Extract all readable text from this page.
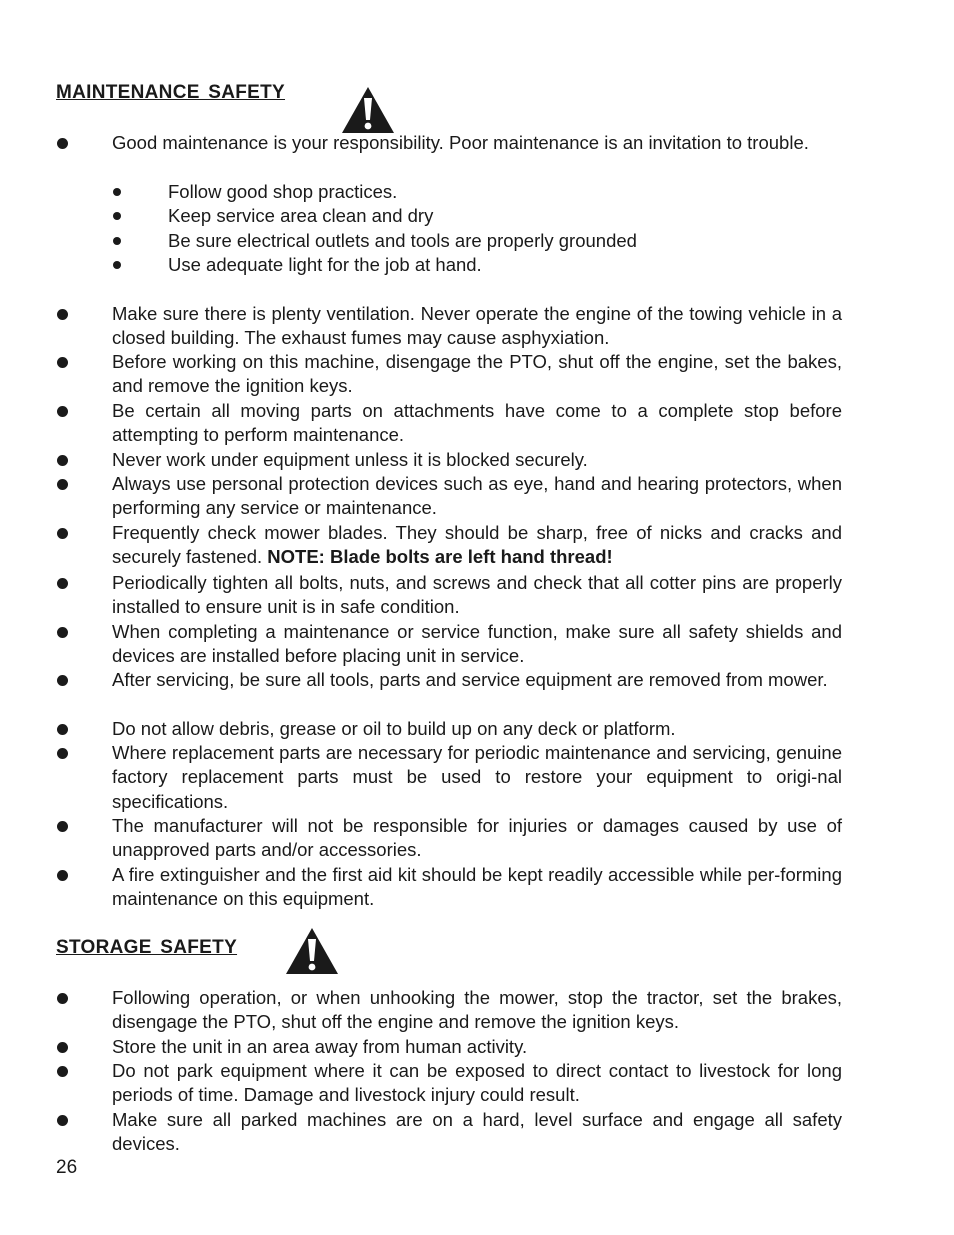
MAINTENANCE SAFETY
Good maintenance is your responsibility. Poor maintenance is an invitation to trouble.
Follow good shop practices.
Keep service area clean and dry
Be sure electrical outlets and tools are properly grounded
Use adequate light for the job at hand.
Make sure there is plenty ventilation. Never operate the engine of the towing vehicle in a closed building. The exhaust fumes may cause asphyxiation.
Before working on this machine, disengage the PTO, shut off the engine, set the bakes, and remove the ignition keys.
Be certain all moving parts on attachments have come to a complete stop before attempting to perform maintenance.
Never work under equipment unless it is blocked securely.
Always use personal protection devices such as eye, hand and hearing protectors, when performing any service or maintenance.
Frequently check mower blades. They should be sharp, free of nicks and cracks and securely fastened. NOTE: Blade bolts are left hand thread!
Periodically tighten all bolts, nuts, and screws and check that all cotter pins are properly installed to ensure unit is in safe condition.
When completing a maintenance or service function, make sure all safety shields and devices are installed before placing unit in service.
After servicing, be sure all tools, parts and service equipment are removed from mower.
Do not allow debris, grease or oil to build up on any deck or platform.
Where replacement parts are necessary for periodic maintenance and servicing, genuine factory replacement parts must be used to restore your equipment to origi-nal specifications.
The manufacturer will not be responsible for injuries or damages caused by use of unapproved parts and/or accessories.
A fire extinguisher and the first aid kit should be kept readily accessible while per-forming maintenance on this equipment.
STORAGE SAFETY
Following operation, or when unhooking the mower, stop the tractor, set the brakes, disengage the PTO, shut off the engine and remove the ignition keys.
Store the unit in an area away from human activity.
Do not park equipment where it can be exposed to direct contact to livestock for long periods of time. Damage and livestock injury could result.
Make sure all parked machines are on a hard, level surface and engage all safety devices.
26
